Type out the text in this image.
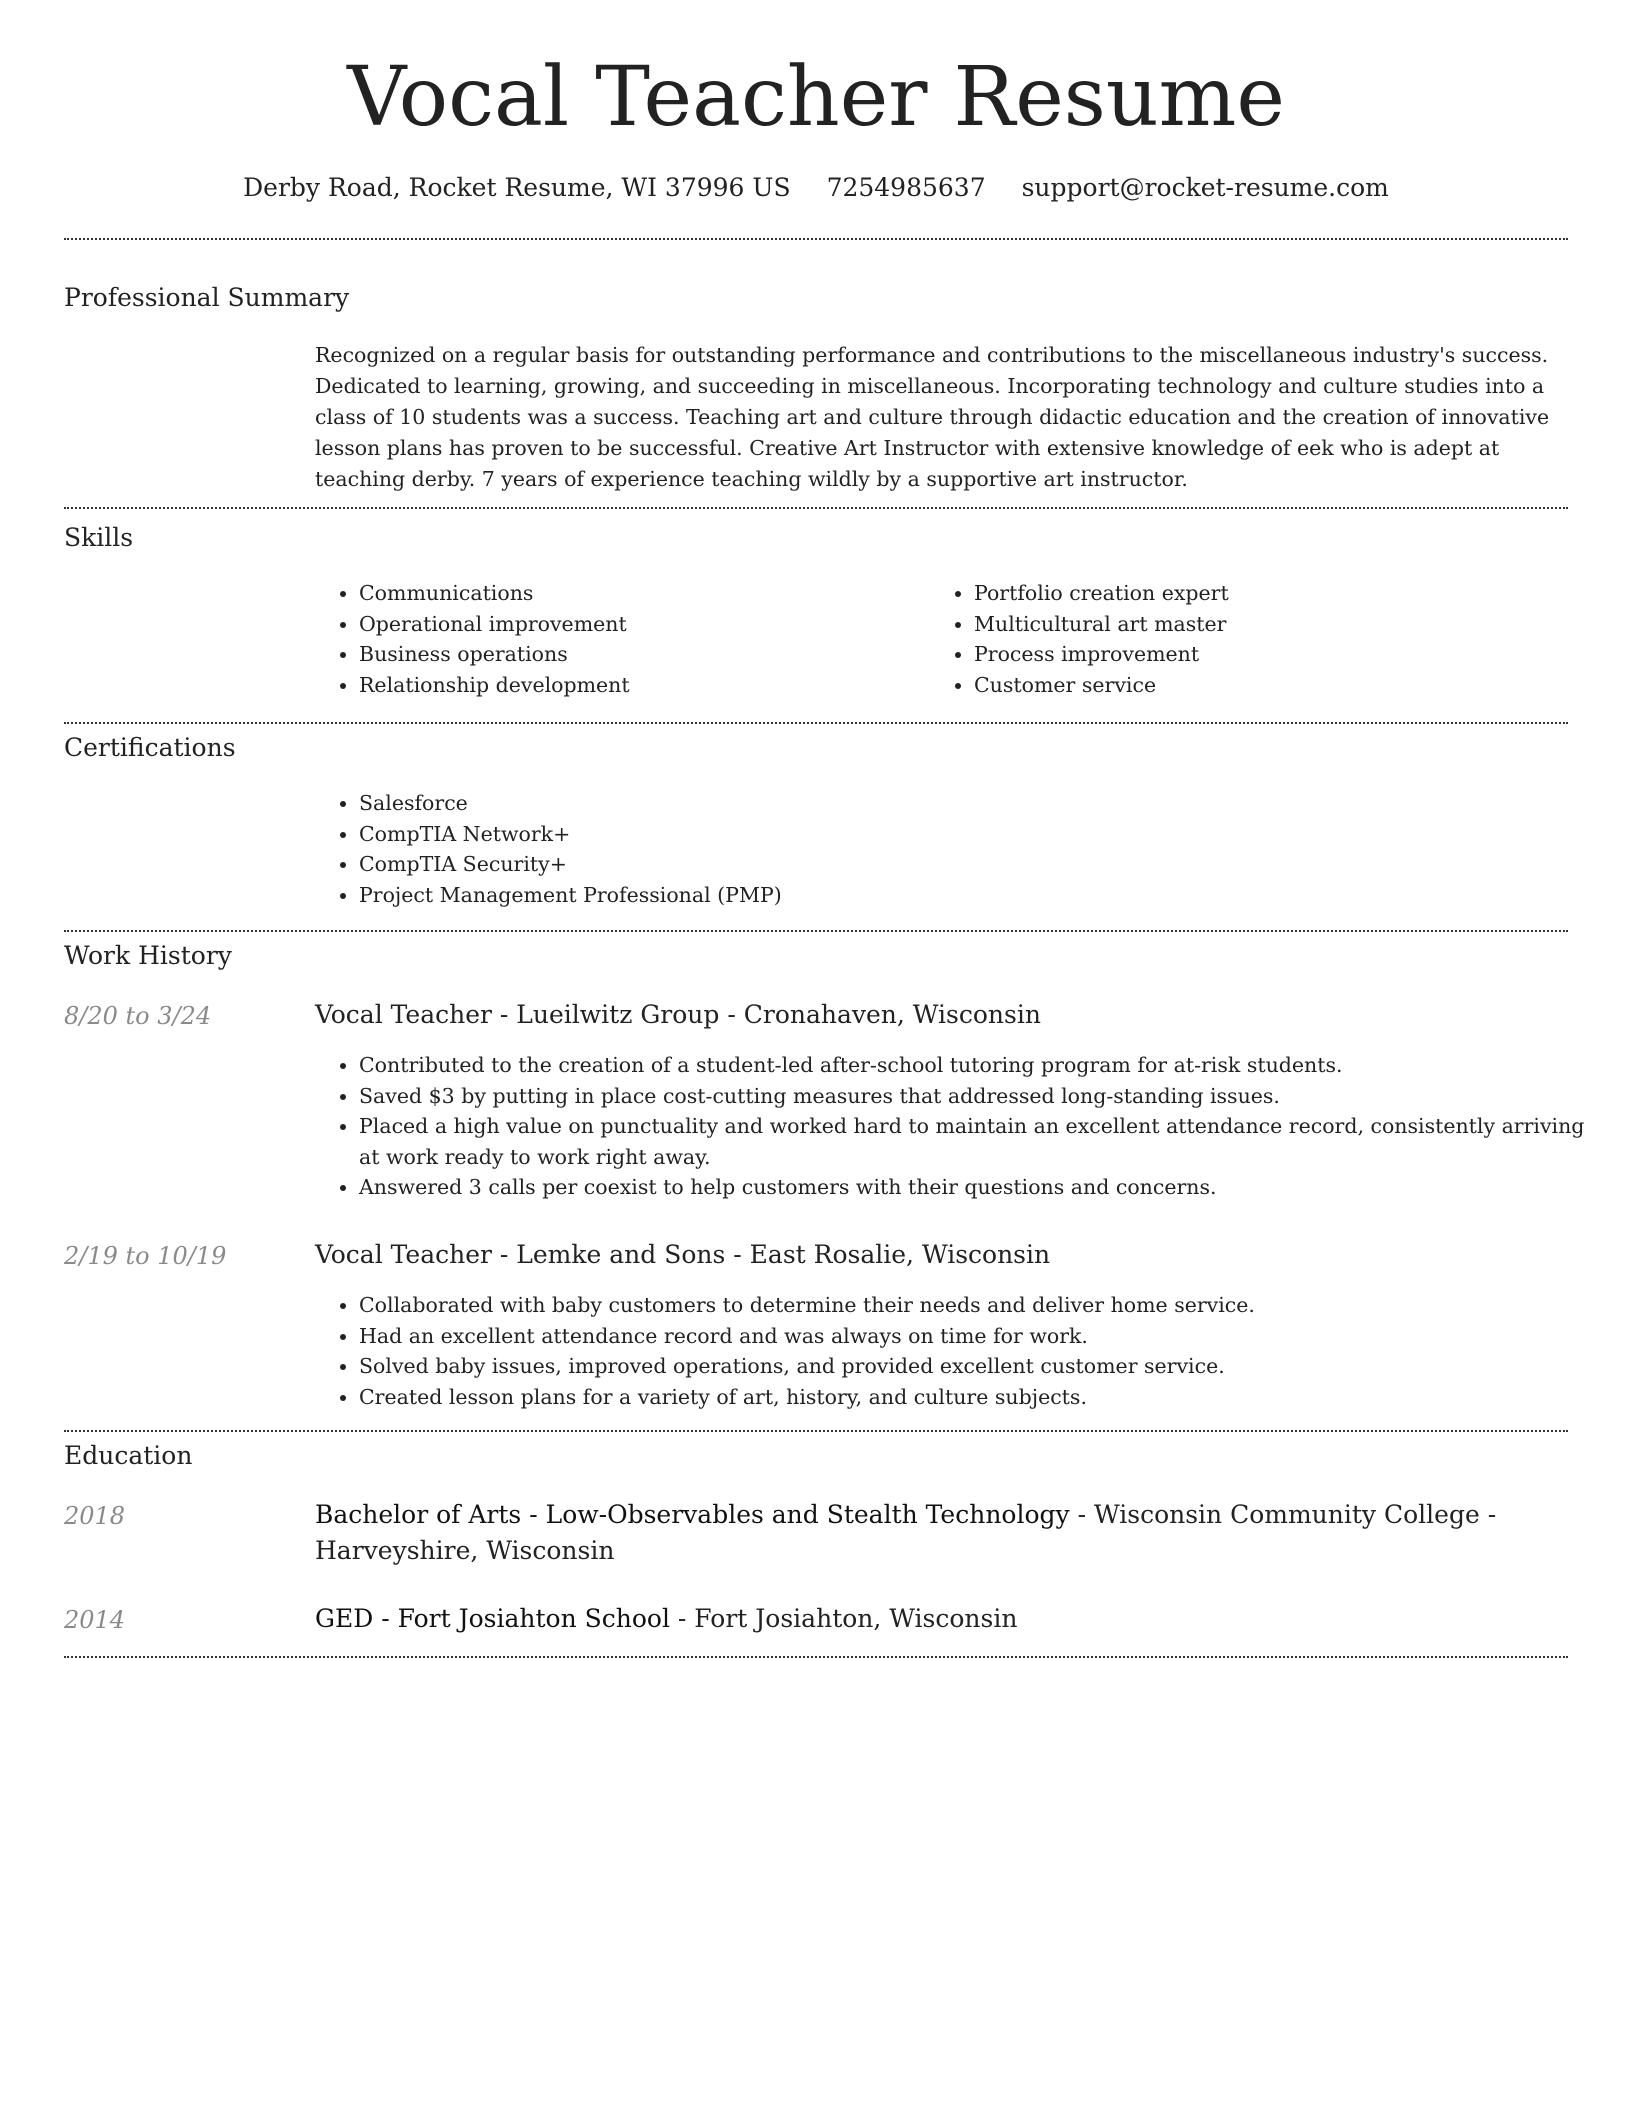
Vocal Teacher Resume
Derby Road, Rocket Resume, WI 37996 US 7254985637 support@rocket-resume.com
Professional Summary

Recognized on a regular basis for outstanding performance and contributions to the miscellaneous industry's success. Dedicated to learning, growing, and succeeding in miscellaneous. Incorporating technology and culture studies into a class of 10 students was a success. Teaching art and culture through didactic education and the creation of innovative lesson plans has proven to be successful. Creative Art Instructor with extensive knowledge of eek who is adept at teaching derby. 7 years of experience teaching wildly by a supportive art instructor.

Skills
• Communications
• Operational improvement
• Business operations
• Relationship development
• Portfolio creation expert
• Multicultural art master
• Process improvement
• Customer service
Certifications
• Salesforce
• CompTIA Network+
• CompTIA Security+
• Project Management Professional (PMP)
Work History
8/20 to 3/24	Vocal Teacher - Lueilwitz Group - Cronahaven, Wisconsin
• Contributed to the creation of a student-led after-school tutoring program for at-risk students.
• Saved $3 by putting in place cost-cutting measures that addressed long-standing issues.
• Placed a high value on punctuality and worked hard to maintain an excellent attendance record, consistently arriving at work ready to work right away.
• Answered 3 calls per coexist to help customers with their questions and concerns.
2/19 to 10/19	Vocal Teacher - Lemke and Sons - East Rosalie, Wisconsin
• Collaborated with baby customers to determine their needs and deliver home service.
• Had an excellent attendance record and was always on time for work.
• Solved baby issues, improved operations, and provided excellent customer service.
• Created lesson plans for a variety of art, history, and culture subjects.
Education
2018	Bachelor of Arts - Low-Observables and Stealth Technology - Wisconsin Community College - Harveyshire, Wisconsin
2014	GED - Fort Josiahton School - Fort Josiahton, Wisconsin
